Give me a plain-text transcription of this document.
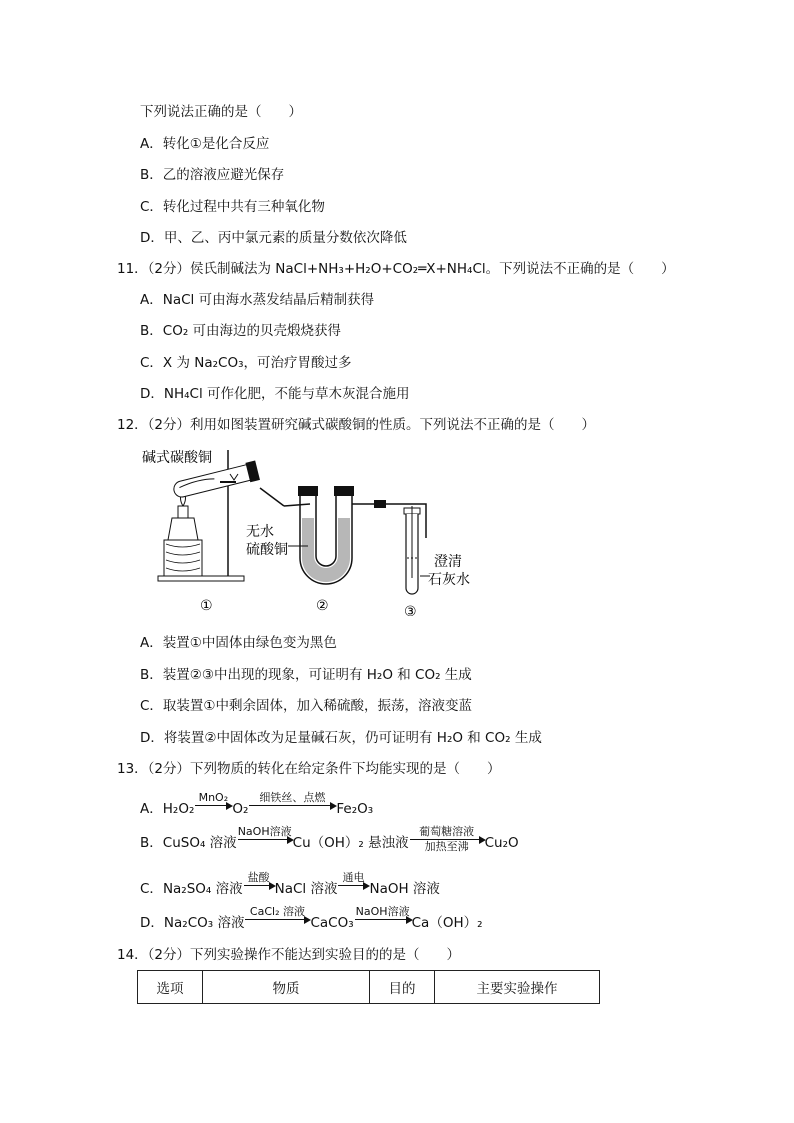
下列说法正确的是（　　）
A．转化①是化合反应
B．乙的溶液应避光保存
C．转化过程中共有三种氧化物
D．甲、乙、丙中氯元素的质量分数依次降低
11．（2分）侯氏制碱法为 NaCl+NH₃+H₂O+CO₂═X+NH₄Cl。下列说法不正确的是（　　）
A．NaCl 可由海水蒸发结晶后精制获得
B．CO₂ 可由海边的贝壳煅烧获得
C．X 为 Na₂CO₃，可治疗胃酸过多
D．NH₄Cl 可作化肥，不能与草木灰混合施用
12．（2分）利用如图装置研究碱式碳酸铜的性质。下列说法不正确的是（　　）
碱式碳酸铜
无水
硫酸铜
澄清
石灰水
①	②	③
A．装置①中固体由绿色变为黑色
B．装置②③中出现的现象，可证明有 H₂O 和 CO₂ 生成
C．取装置①中剩余固体，加入稀硫酸，振荡，溶液变蓝
D．将装置②中固体改为足量碱石灰，仍可证明有 H₂O 和 CO₂ 生成
13．（2分）下列物质的转化在给定条件下均能实现的是（　　）
A． H₂O₂
MnO₂

O₂
细铁丝、点燃

Fe₂O₃
B． CuSO₄ 溶液
NaOH溶液

Cu（OH）₂ 悬浊液
葡萄糖溶液
加热至沸 Cu₂O
C． Na₂SO₄ 溶液
盐酸

NaCl 溶液
通电

NaOH 溶液
D． Na₂CO₃ 溶液
CaCl₂ 溶液

CaCO₃
NaOH溶液

Ca（OH）₂
14．（2分）下列实验操作不能达到实验目的的是（　　）
选项	物质	目的	主要实验操作
